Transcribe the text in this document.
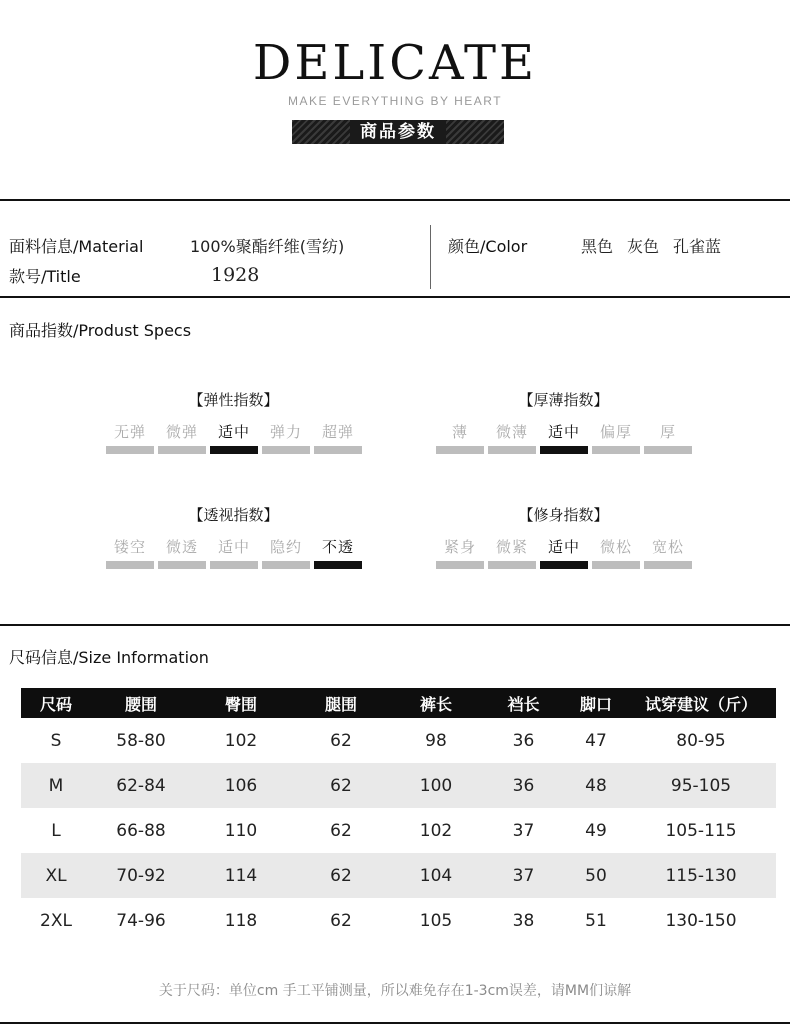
DELICATE
MAKE EVERYTHING BY HEART
商品参数
面料信息/Material	100%聚酯纤维(雪纺)
款号/Title	1928
颜色/Color	黑色 灰色 孔雀蓝
商品指数/Produst Specs
【弹性指数】
无弹 微弹 适中 弹力 超弹
【厚薄指数】
薄 微薄 适中 偏厚 厚
【透视指数】
镂空 微透 适中 隐约 不透
【修身指数】
紧身 微紧 适中 微松 宽松
尺码信息/Size Information
尺码	腰围	臀围	腿围	裤长	裆长	脚口	试穿建议（斤）
S	58-80	102	62	98	36	47	80-95
M	62-84	106	62	100	36	48	95-105
L	66-88	110	62	102	37	49	105-115
XL	70-92	114	62	104	37	50	115-130
2XL	74-96	118	62	105	38	51	130-150
关于尺码：单位cm 手工平铺测量，所以难免存在1-3cm误差，请MM们谅解
